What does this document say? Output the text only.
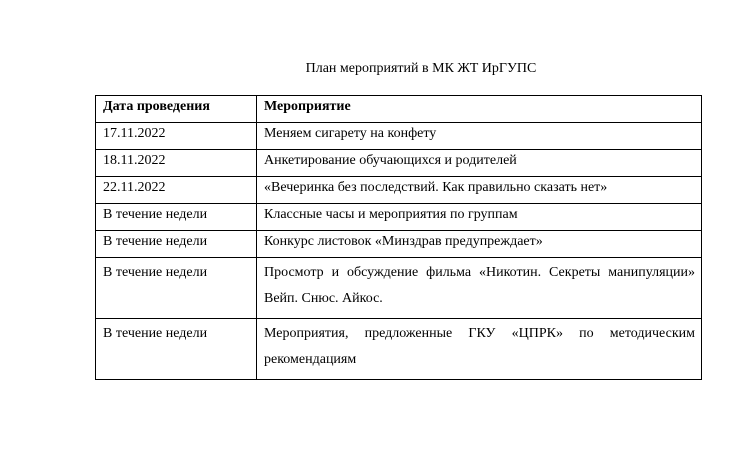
План мероприятий в МК ЖТ ИрГУПС
Дата проведения	Мероприятие
17.11.2022	Меняем сигарету на конфету
18.11.2022	Анкетирование обучающихся и родителей
22.11.2022	«Вечеринка без последствий. Как правильно сказать нет»
В течение недели	Классные часы и мероприятия по группам
В течение недели	Конкурс листовок «Минздрав предупреждает»
В течение недели	Просмотр и обсуждение фильма «Никотин. Секреты манипуляции» Вейп. Снюс. Айкос.
В течение недели	Мероприятия, предложенные ГКУ «ЦПРК» по методическим рекомендациям
